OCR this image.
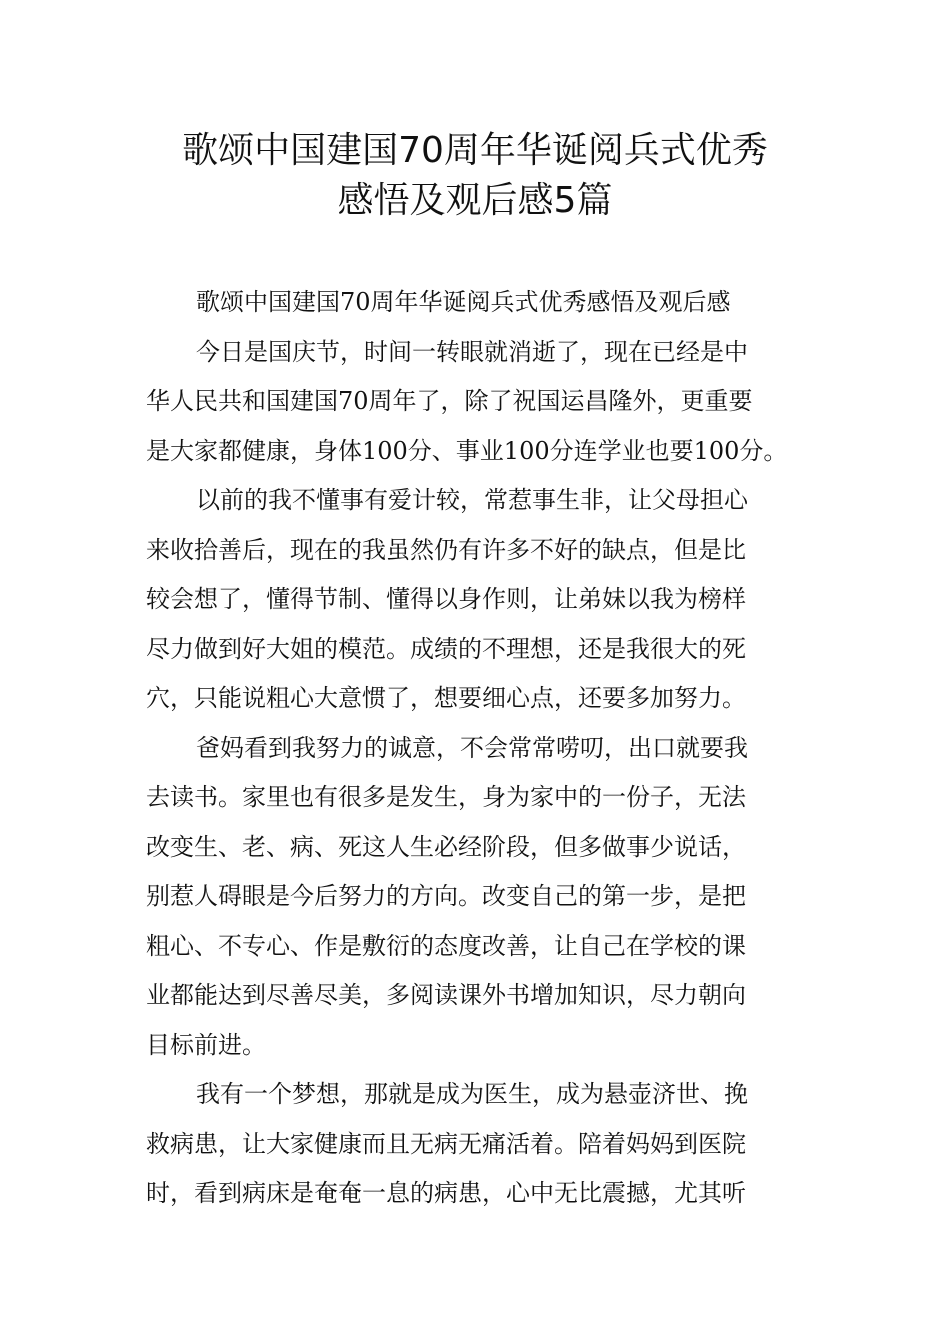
歌颂中国建国70周年华诞阅兵式优秀
感悟及观后感5篇
歌颂中国建国70周年华诞阅兵式优秀感悟及观后感
今日是国庆节，时间一转眼就消逝了，现在已经是中
华人民共和国建国70周年了，除了祝国运昌隆外，更重要
是大家都健康，身体100分、事业100分连学业也要100分。
以前的我不懂事有爱计较，常惹事生非，让父母担心
来收拾善后，现在的我虽然仍有许多不好的缺点，但是比
较会想了，懂得节制、懂得以身作则，让弟妹以我为榜样
尽力做到好大姐的模范。成绩的不理想，还是我很大的死
穴，只能说粗心大意惯了，想要细心点，还要多加努力。
爸妈看到我努力的诚意，不会常常唠叨，出口就要我
去读书。家里也有很多是发生，身为家中的一份子，无法
改变生、老、病、死这人生必经阶段，但多做事少说话，
别惹人碍眼是今后努力的方向。改变自己的第一步，是把
粗心、不专心、作是敷衍的态度改善，让自己在学校的课
业都能达到尽善尽美，多阅读课外书增加知识，尽力朝向
目标前进。
我有一个梦想，那就是成为医生，成为悬壶济世、挽
救病患，让大家健康而且无病无痛活着。陪着妈妈到医院
时，看到病床是奄奄一息的病患，心中无比震撼，尤其听
